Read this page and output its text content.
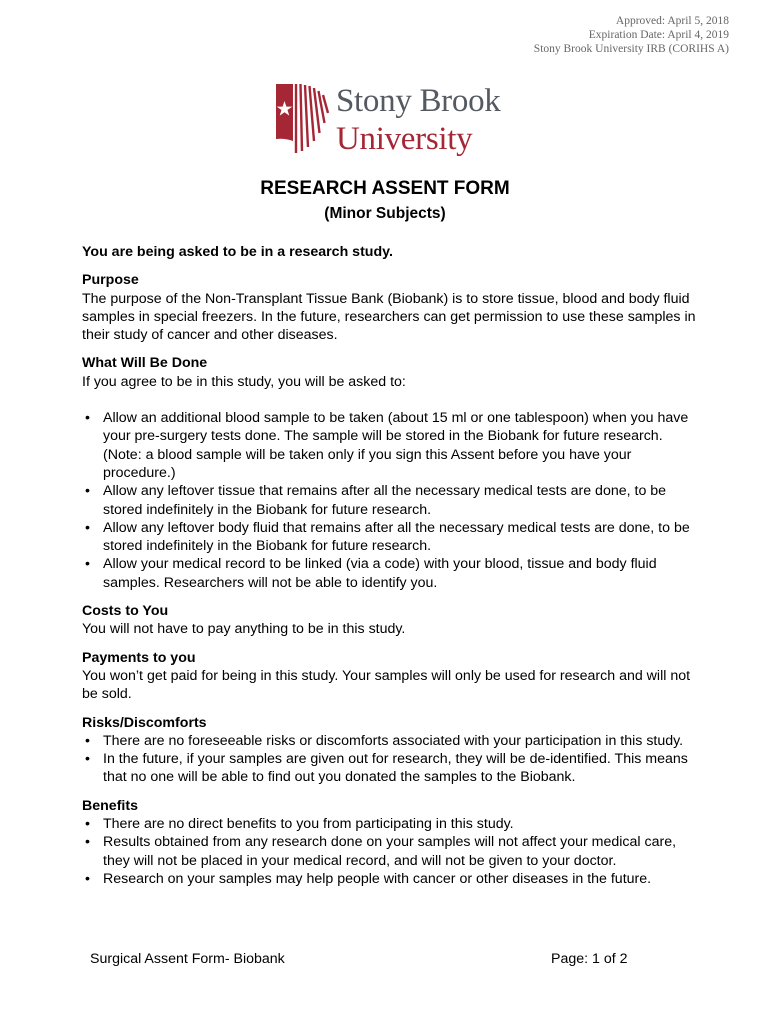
Approved: April 5, 2018
Expiration Date: April 4, 2019
Stony Brook University IRB (CORIHS A)
Stony Brook
University
RESEARCH ASSENT FORM
(Minor Subjects)

You are being asked to be in a research study.

Purpose

The purpose of the Non-Transplant Tissue Bank (Biobank) is to store tissue, blood and body fluid samples in special freezers. In the future, researchers can get permission to use these samples in their study of cancer and other diseases.

What Will Be Done

If you agree to be in this study, you will be asked to:

• Allow an additional blood sample to be taken (about 15 ml or one tablespoon) when you have your pre-surgery tests done. The sample will be stored in the Biobank for future research. (Note: a blood sample will be taken only if you sign this Assent before you have your procedure.)
• Allow any leftover tissue that remains after all the necessary medical tests are done, to be stored indefinitely in the Biobank for future research.
• Allow any leftover body fluid that remains after all the necessary medical tests are done, to be stored indefinitely in the Biobank for future research.
• Allow your medical record to be linked (via a code) with your blood, tissue and body fluid samples. Researchers will not be able to identify you.

Costs to You

You will not have to pay anything to be in this study.

Payments to you

You won’t get paid for being in this study. Your samples will only be used for research and will not be sold.

Risks/Discomforts

• There are no foreseeable risks or discomforts associated with your participation in this study.
• In the future, if your samples are given out for research, they will be de-identified. This means that no one will be able to find out you donated the samples to the Biobank.

Benefits

• There are no direct benefits to you from participating in this study.
• Results obtained from any research done on your samples will not affect your medical care, they will not be placed in your medical record, and will not be given to your doctor.
• Research on your samples may help people with cancer or other diseases in the future.
Surgical Assent Form- Biobank	Page: 1 of 2
